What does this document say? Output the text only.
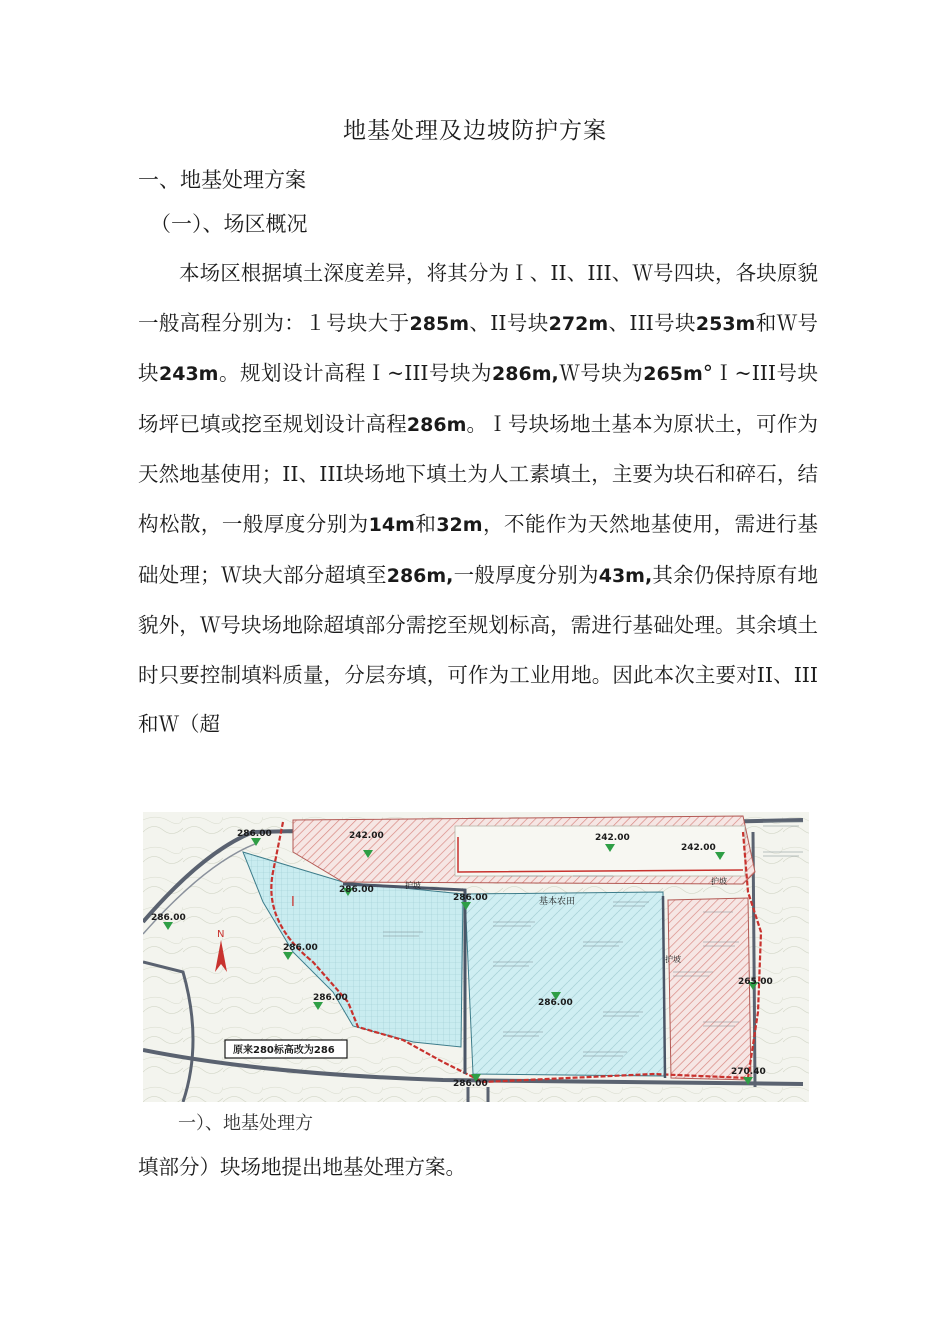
地基处理及边坡防护方案
一、地基处理方案
（一）、场区概况
本场区根据填土深度差异，将其分为Ｉ、II、III、Ｗ号四块，各块原貌一般高程分别为：１号块大于285m、II号块272m、III号块253m和Ｗ号块243m。规划设计高程Ｉ~III号块为286m,Ｗ号块为265m°Ｉ~III号块场坪已填或挖至规划设计高程286m。Ｉ号块场地土基本为原状土，可作为天然地基使用；II、III块场地下填土为人工素填土，主要为块石和碎石，结构松散，一般厚度分别为14m和32m，不能作为天然地基使用，需进行基础处理；Ｗ块大部分超填至286m,一般厚度分别为43m,其余仍保持原有地貌外，Ｗ号块场地除超填部分需挖至规划标高，需进行基础处理。其余填土时只要控制填料质量，分层夯填，可作为工业用地。因此本次主要对II、III和Ｗ（超
N
286.00	242.00	242.00
242.00
286.00
286.00
286.00
286.00
286.00	286.00
265.00
286.00
270.40
基本农田
护坡	护坡
护坡
I
原来280标高改为286
一）、地基处理方
填部分）块场地提出地基处理方案。
